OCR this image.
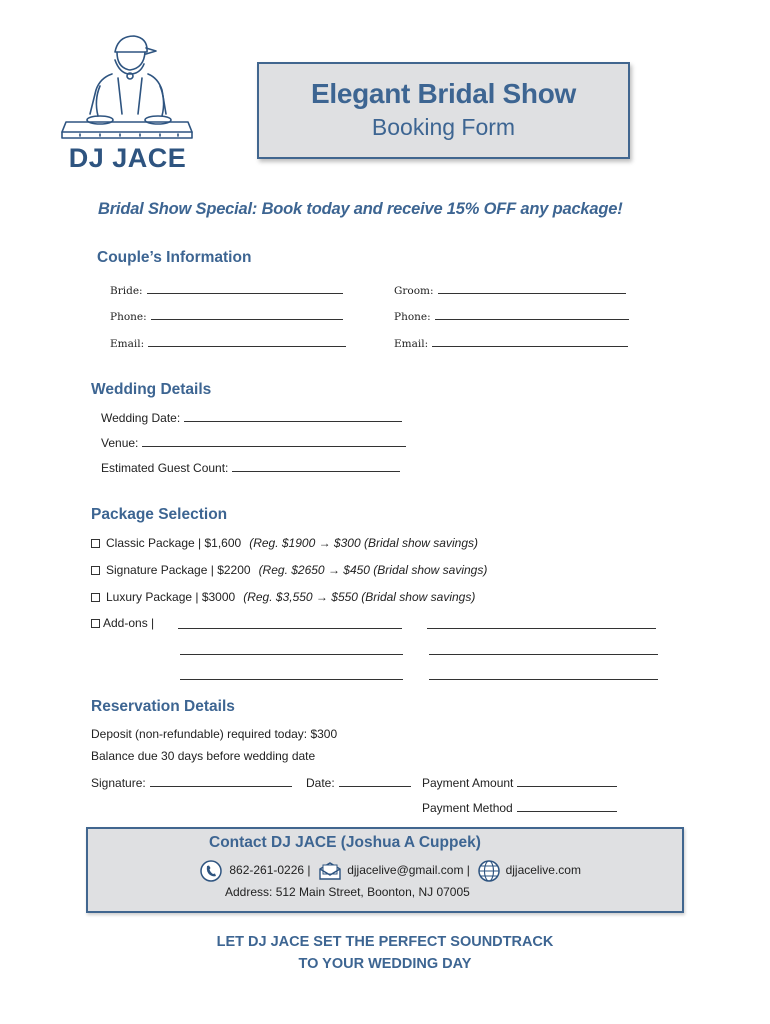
DJ JACE
Elegant Bridal Show
Booking Form
Bridal Show Special: Book today and receive 15% OFF any package!
Couple’s Information
Bride:	Groom:
Phone:	Phone:
Email:	Email:
Wedding Details
Wedding Date:
Venue:
Estimated Guest Count:
Package Selection
Classic Package | $1,600 (Reg. $1900 → $300 (Bridal show savings)
Signature Package | $2200 (Reg. $2650 → $450 (Bridal show savings)
Luxury Package | $3000 (Reg. $3,550 → $550 (Bridal show savings)
Add-ons |
Reservation Details
Deposit (non-refundable) required today: $300
Balance due 30 days before wedding date
Signature:	Date:	Payment Amount
Payment Method
Contact DJ JACE (Joshua A Cuppek)
862-261-0226 |	djjacelive@gmail.com |	djjacelive.com
Address: 512 Main Street, Boonton, NJ 07005
LET DJ JACE SET THE PERFECT SOUNDTRACK
TO YOUR WEDDING DAY
